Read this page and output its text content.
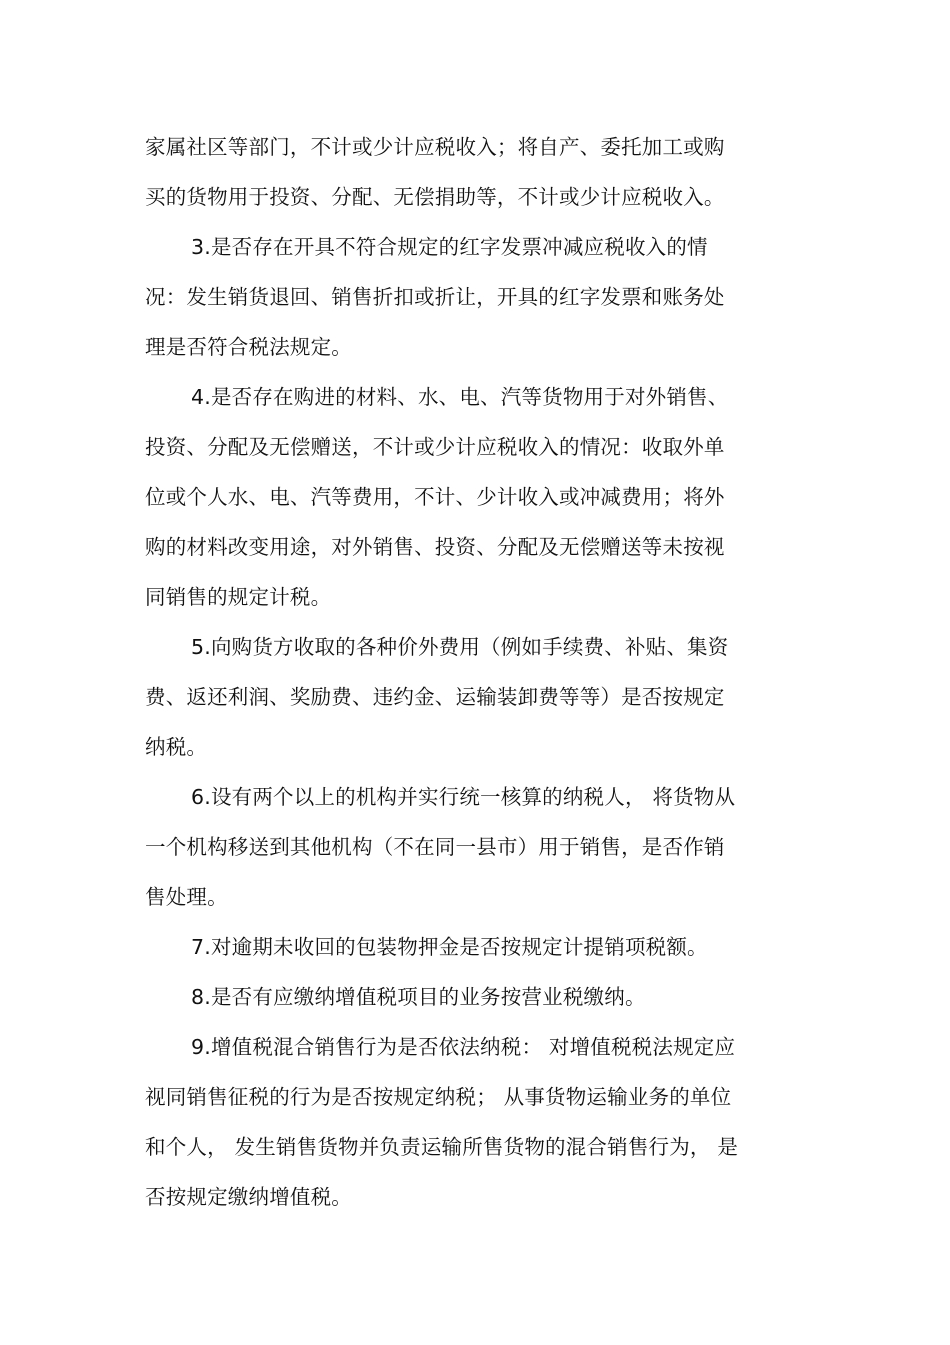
家属社区等部门，不计或少计应税收入；将自产、委托加工或购
买的货物用于投资、分配、无偿捐助等，不计或少计应税收入。
3.是否存在开具不符合规定的红字发票冲减应税收入的情
况：发生销货退回、销售折扣或折让，开具的红字发票和账务处
理是否符合税法规定。
4.是否存在购进的材料、水、电、汽等货物用于对外销售、
投资、分配及无偿赠送，不计或少计应税收入的情况：收取外单
位或个人水、电、汽等费用，不计、少计收入或冲减费用；将外
购的材料改变用途，对外销售、投资、分配及无偿赠送等未按视
同销售的规定计税。
5.向购货方收取的各种价外费用（例如手续费、补贴、集资
费、返还利润、奖励费、违约金、运输装卸费等等）是否按规定
纳税。
6.设有两个以上的机构并实行统一核算的纳税人， 将货物从
一个机构移送到其他机构（不在同一县市）用于销售，是否作销
售处理。
7.对逾期未收回的包装物押金是否按规定计提销项税额。
8.是否有应缴纳增值税项目的业务按营业税缴纳。
9.增值税混合销售行为是否依法纳税： 对增值税税法规定应
视同销售征税的行为是否按规定纳税； 从事货物运输业务的单位
和个人， 发生销售货物并负责运输所售货物的混合销售行为， 是
否按规定缴纳增值税。
